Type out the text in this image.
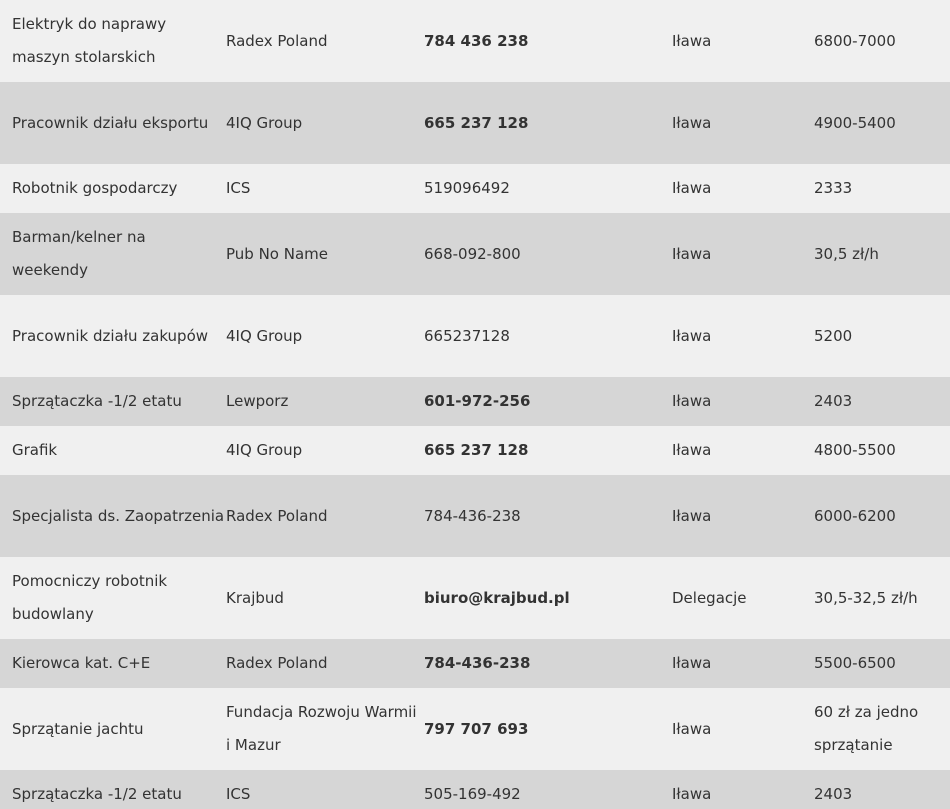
Elektryk do naprawy maszyn stolarskich	Radex Poland	784 436 238	Iława	6800-7000
Pracownik działu eksportu	4IQ Group	665 237 128	Iława	4900-5400
Robotnik gospodarczy	ICS	519096492	Iława	2333
Barman/kelner na weekendy	Pub No Name	668-092-800	Iława	30,5 zł/h
Pracownik działu zakupów	4IQ Group	665237128	Iława	5200
Sprzątaczka -1/2 etatu	Lewporz	601-972-256	Iława	2403
Grafik	4IQ Group	665 237 128	Iława	4800-5500
Specjalista ds. Zaopatrzenia	Radex Poland	784-436-238	Iława	6000-6200
Pomocniczy robotnik budowlany	Krajbud	biuro@krajbud.pl	Delegacje	30,5-32,5 zł/h
Kierowca kat. C+E	Radex Poland	784-436-238	Iława	5500-6500
Sprzątanie jachtu	Fundacja Rozwoju Warmii i Mazur	797 707 693	Iława	60 zł za jedno sprzątanie
Sprzątaczka -1/2 etatu	ICS	505-169-492	Iława	2403
